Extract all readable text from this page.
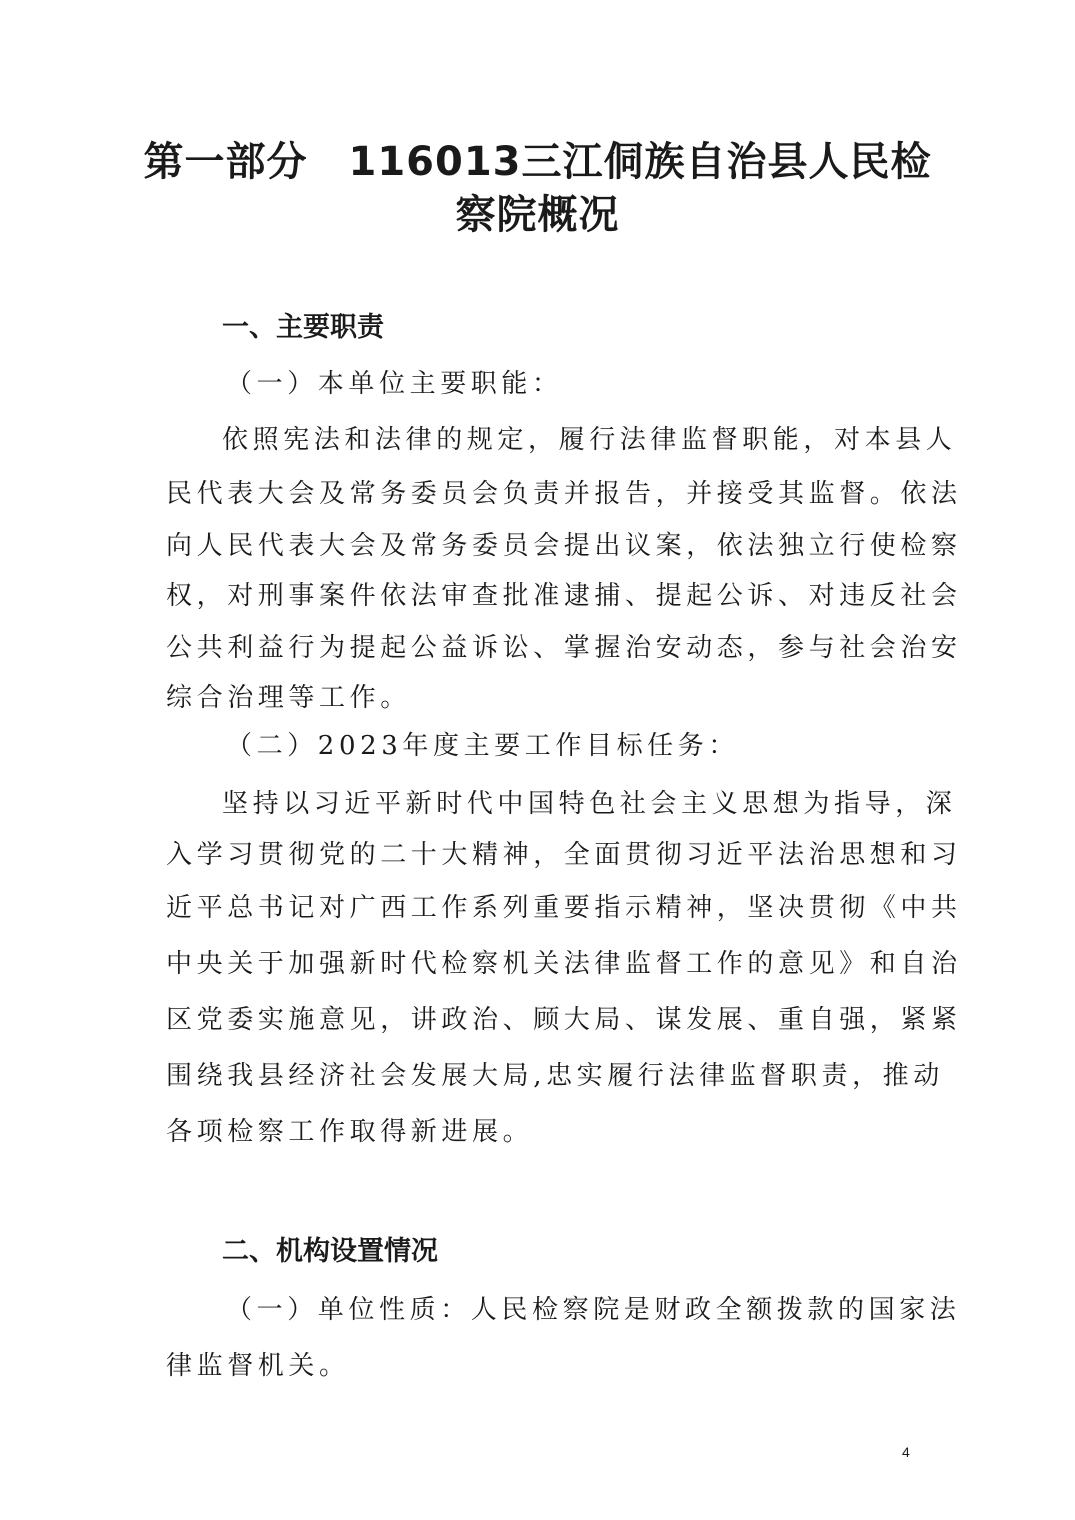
第一部分　116013三江侗族自治县人民检
察院概况
一、主要职责

（一）本单位主要职能：

依照宪法和法律的规定，履行法律监督职能，对本县人

民代表大会及常务委员会负责并报告，并接受其监督。依法

向人民代表大会及常务委员会提出议案，依法独立行使检察

权，对刑事案件依法审查批准逮捕、提起公诉、对违反社会

公共利益行为提起公益诉讼、掌握治安动态，参与社会治安

综合治理等工作。

（二）2023年度主要工作目标任务：

坚持以习近平新时代中国特色社会主义思想为指导，深

入学习贯彻党的二十大精神，全面贯彻习近平法治思想和习

近平总书记对广西工作系列重要指示精神，坚决贯彻《中共

中央关于加强新时代检察机关法律监督工作的意见》和自治

区党委实施意见，讲政治、顾大局、谋发展、重自强，紧紧

围绕我县经济社会发展大局,忠实履行法律监督职责，推动

各项检察工作取得新进展。

二、机构设置情况

（一）单位性质：人民检察院是财政全额拨款的国家法

律监督机关。

4
